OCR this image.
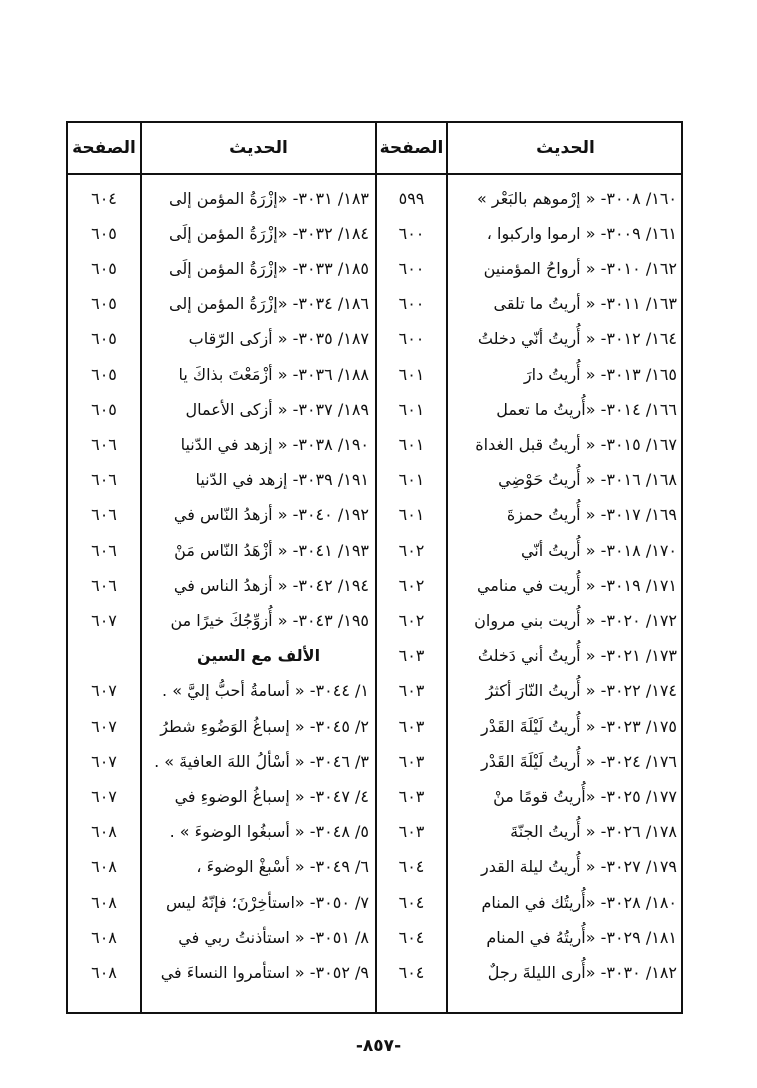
الحديث
الصفحة
الحديث
الصفحة
١٦٠/ ٣٠٠٨- « إرْموهم بالبَعْر »
٥٩٩
١٦١/ ٣٠٠٩- « ارموا واركبوا ،
٦٠٠
١٦٢/ ٣٠١٠- « أرواحُ المؤمنين
٦٠٠
١٦٣/ ٣٠١١- « أريتُ ما تلقى
٦٠٠
١٦٤/ ٣٠١٢- « أُريتُ أنّي دخلتُ
٦٠٠
١٦٥/ ٣٠١٣- « أُريتُ دارَ
٦٠١
١٦٦/ ٣٠١٤- «أُريتُ ما تعمل
٦٠١
١٦٧/ ٣٠١٥- « أريتُ قبل الغداة
٦٠١
١٦٨/ ٣٠١٦- « أُريتُ حَوْضِي
٦٠١
١٦٩/ ٣٠١٧- « أُريتُ حمزةَ
٦٠١
١٧٠/ ٣٠١٨- « أُريتُ أنّي
٦٠٢
١٧١/ ٣٠١٩- « أُريت في منامي
٦٠٢
١٧٢/ ٣٠٢٠- « أُريت بني مروان
٦٠٢
١٧٣/ ٣٠٢١- « أُريتُ أني دَخلتُ
٦٠٣
١٧٤/ ٣٠٢٢- « أُريتُ النّارَ أكثرُ
٦٠٣
١٧٥/ ٣٠٢٣- « أُريتُ لَيْلَةَ القَدْر
٦٠٣
١٧٦/ ٣٠٢٤- « أُريتُ لَيْلَةَ القَدْر
٦٠٣
١٧٧/ ٣٠٢٥- «أُريتُ قومًا منْ
٦٠٣
١٧٨/ ٣٠٢٦- « أُريتُ الجنّةَ
٦٠٣
١٧٩/ ٣٠٢٧- « أُريتُ ليلة القدر
٦٠٤
١٨٠/ ٣٠٢٨- «أُريتُك في المنام
٦٠٤
١٨١/ ٣٠٢٩- «أُريتُهُ في المنام
٦٠٤
١٨٢/ ٣٠٣٠- «أُرى الليلةَ رجلٌ
٦٠٤
١٨٣/ ٣٠٣١- «إزْرَةُ المؤمن إلى
٦٠٤
١٨٤/ ٣٠٣٢- «إزْرَةُ المؤمن إلَى
٦٠٥
١٨٥/ ٣٠٣٣- «إزْرَةُ المؤمن إلَى
٦٠٥
١٨٦/ ٣٠٣٤- «إزْرَةُ المؤمن إلى
٦٠٥
١٨٧/ ٣٠٣٥- « أزكى الرّقاب
٦٠٥
١٨٨/ ٣٠٣٦- « أزْمَعْتَ بذاكَ يا
٦٠٥
١٨٩/ ٣٠٣٧- « أزكى الأعمال
٦٠٥
١٩٠/ ٣٠٣٨- « إزهد في الدّنيا
٦٠٦
١٩١/ ٣٠٣٩- إزهد في الدّنيا
٦٠٦
١٩٢/ ٣٠٤٠- « أزهدُ النّاس في
٦٠٦
١٩٣/ ٣٠٤١- « أزْهَدُ النّاس مَنْ
٦٠٦
١٩٤/ ٣٠٤٢- « أزهدُ الناس في
٦٠٦
١٩٥/ ٣٠٤٣- « أُزوِّجُكَ خيرًا من
٦٠٧
الألف مع السين
١/ ٣٠٤٤- « أسامةُ أحبُّ إليَّ » .
٦٠٧
٢/ ٣٠٤٥- « إسباغُ الوَضُوءِ شطرُ
٦٠٧
٣/ ٣٠٤٦- « أسْألُ اللهَ العافيةَ » .
٦٠٧
٤/ ٣٠٤٧- « إسباغُ الوضوءِ في
٦٠٧
٥/ ٣٠٤٨- « أسبغُوا الوضوءَ » .
٦٠٨
٦/ ٣٠٤٩- « أسْبغْ الوضوءَ ،
٦٠٨
٧/ ٣٠٥٠- «استأخِرْنَ؛ فإنّهُ ليس
٦٠٨
٨/ ٣٠٥١- « استأذنتُ ربي في
٦٠٨
٩/ ٣٠٥٢- « استأمروا النساءَ في
٦٠٨
-٨٥٧-
